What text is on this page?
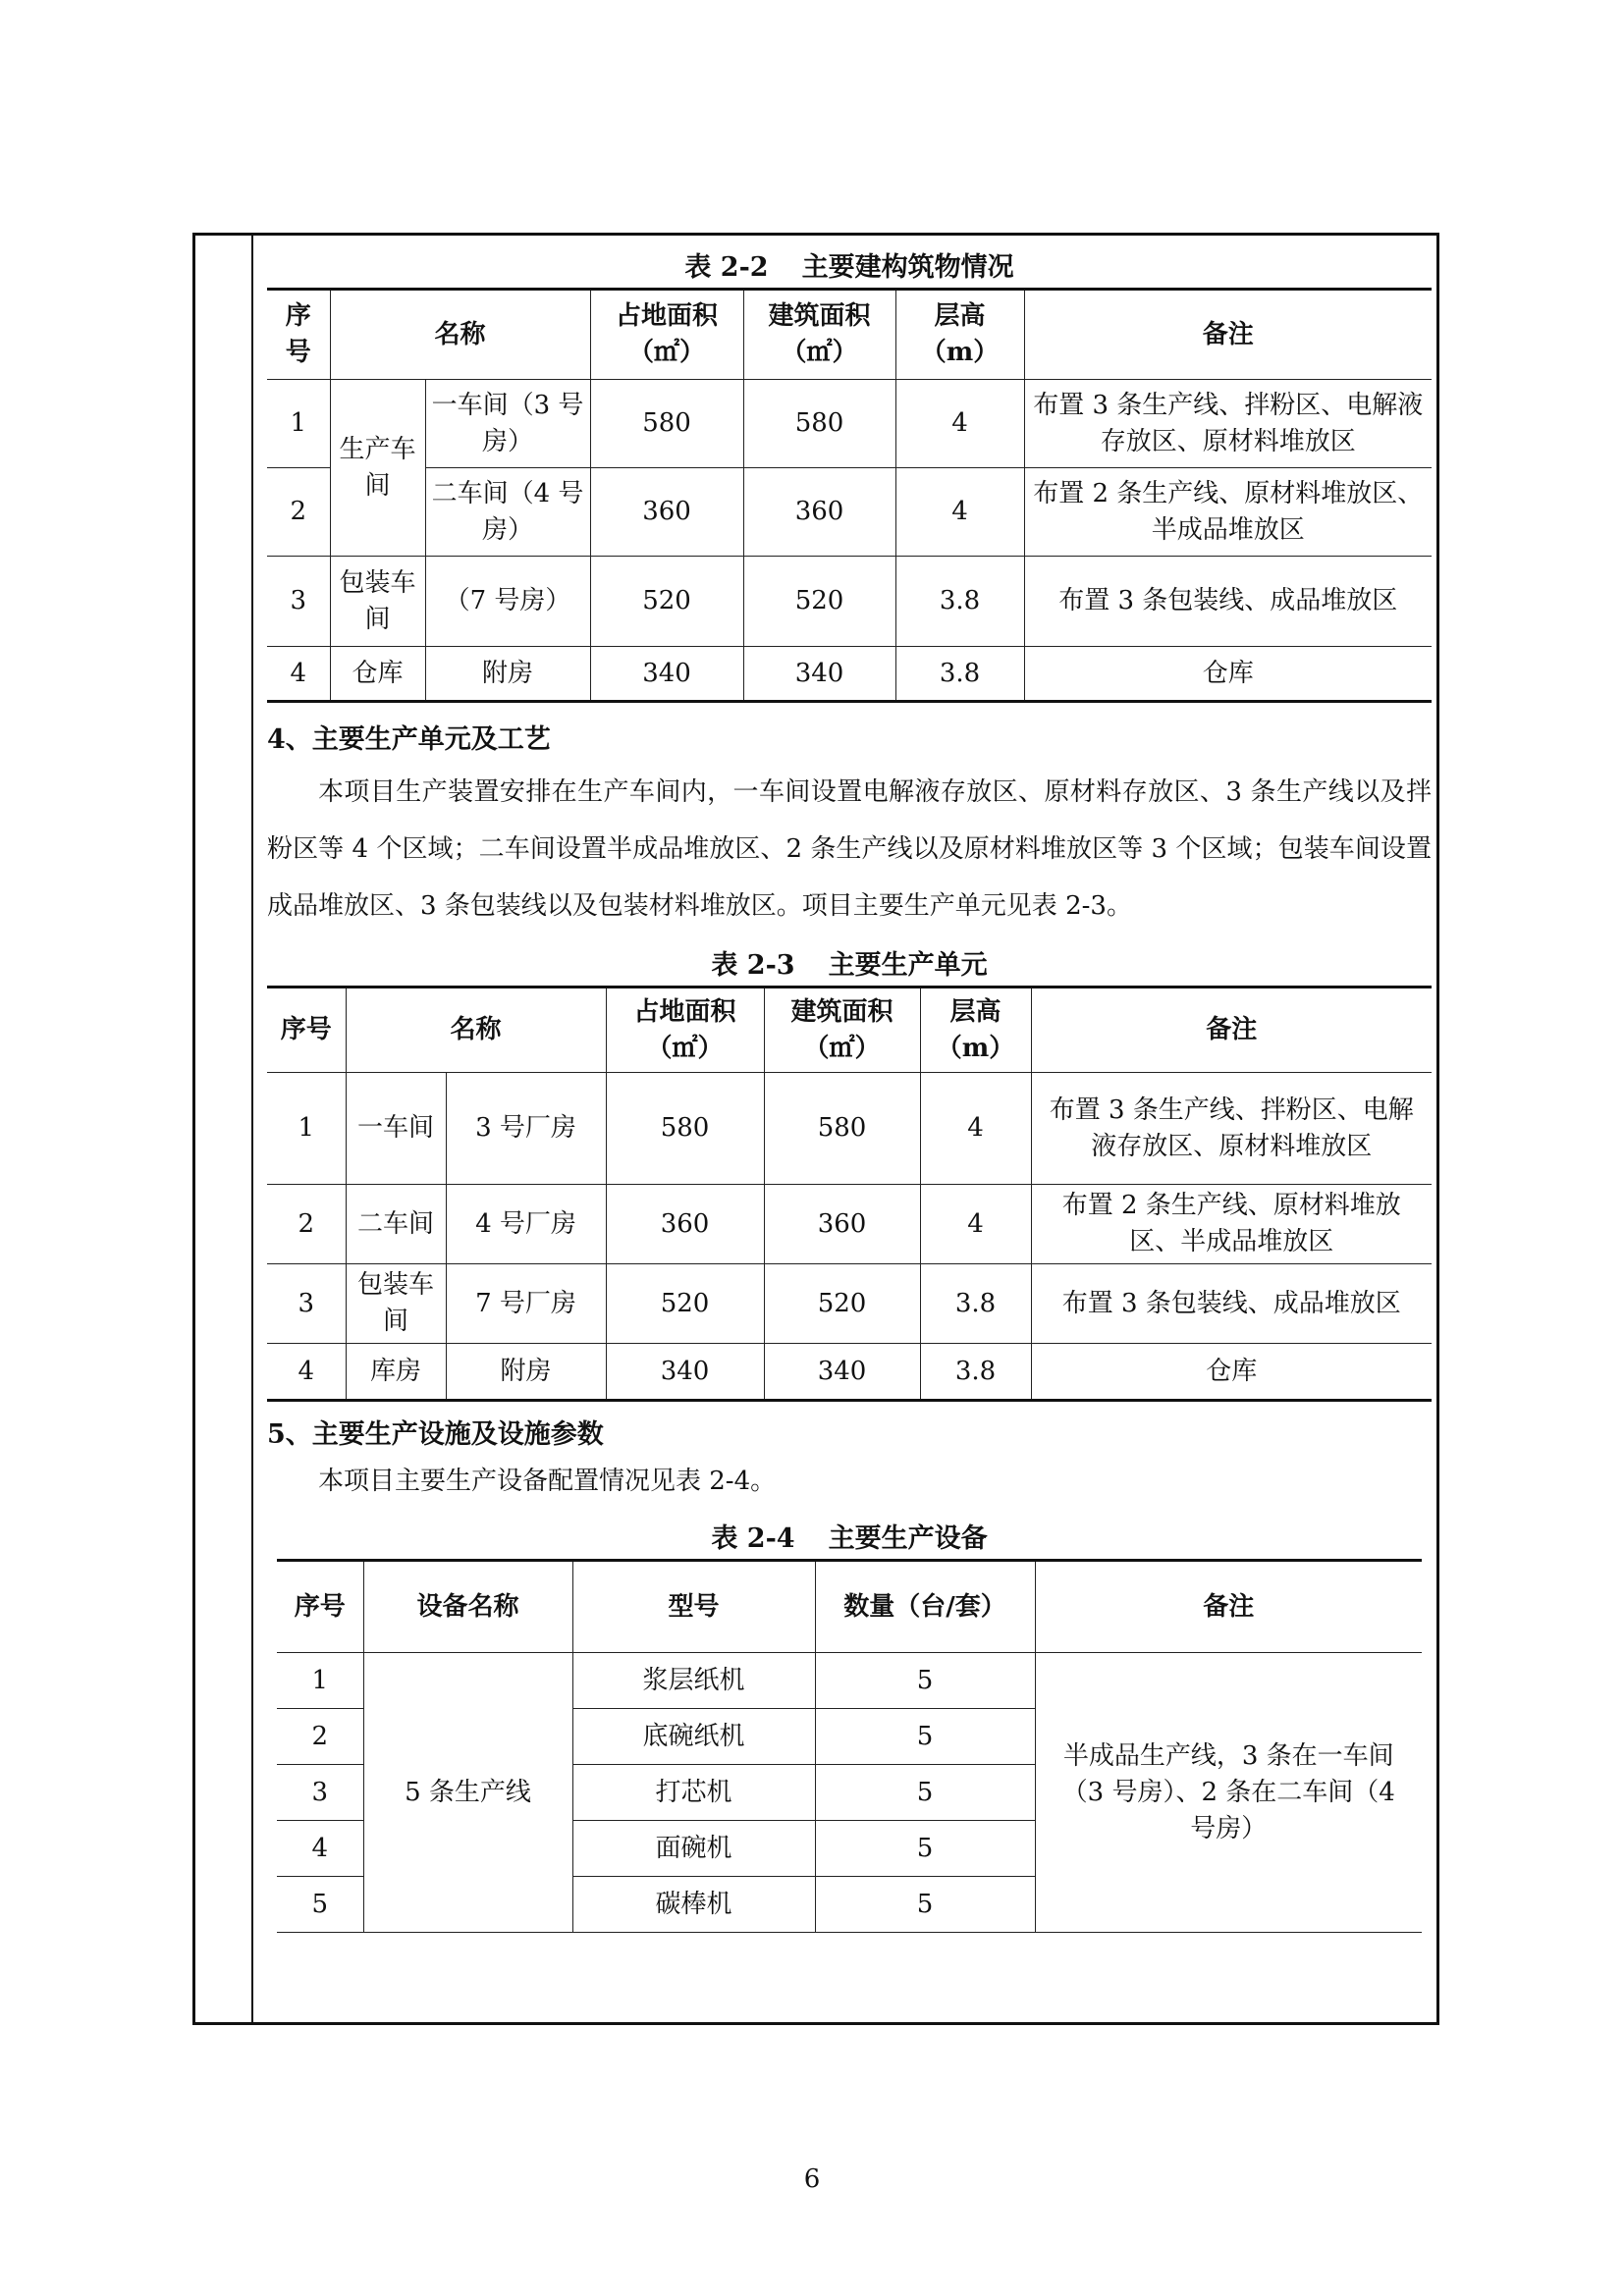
表 2-2 主要建构筑物情况

序号	名称		占地面积（㎡）	建筑面积（㎡）	层高（m）	备注
1	生产车间	一车间（3 号房）	580	580	4	布置 3 条生产线、拌粉区、电解液存放区、原材料堆放区
2		二车间（4 号房）	360	360	4	布置 2 条生产线、原材料堆放区、半成品堆放区
3	包装车间	（7 号房）	520	520	3.8	布置 3 条包装线、成品堆放区
4	仓库	附房	340	340	3.8	仓库

4、主要生产单元及工艺

本项目生产装置安排在生产车间内，一车间设置电解液存放区、原材料存放区、3 条生产线以及拌粉区等 4 个区域；二车间设置半成品堆放区、2 条生产线以及原材料堆放区等 3 个区域；包装车间设置成品堆放区、3 条包装线以及包装材料堆放区。项目主要生产单元见表 2-3。

表 2-3 主要生产单元

序号	名称		占地面积（㎡）	建筑面积（㎡）	层高（m）	备注
1	一车间	3 号厂房	580	580	4	布置 3 条生产线、拌粉区、电解液存放区、原材料堆放区
2	二车间	4 号厂房	360	360	4	布置 2 条生产线、原材料堆放区、半成品堆放区
3	包装车间	7 号厂房	520	520	3.8	布置 3 条包装线、成品堆放区
4	库房	附房	340	340	3.8	仓库

5、主要生产设施及设施参数

本项目主要生产设备配置情况见表 2-4。

表 2-4 主要生产设备

序号	设备名称	型号	数量（台/套）	备注
1	5 条生产线	浆层纸机	5	半成品生产线，3 条在一车间（3 号房）、2 条在二车间（4 号房）
2		底碗纸机	5	
3		打芯机	5	
4		面碗机	5	
5		碳棒机	5	
6
